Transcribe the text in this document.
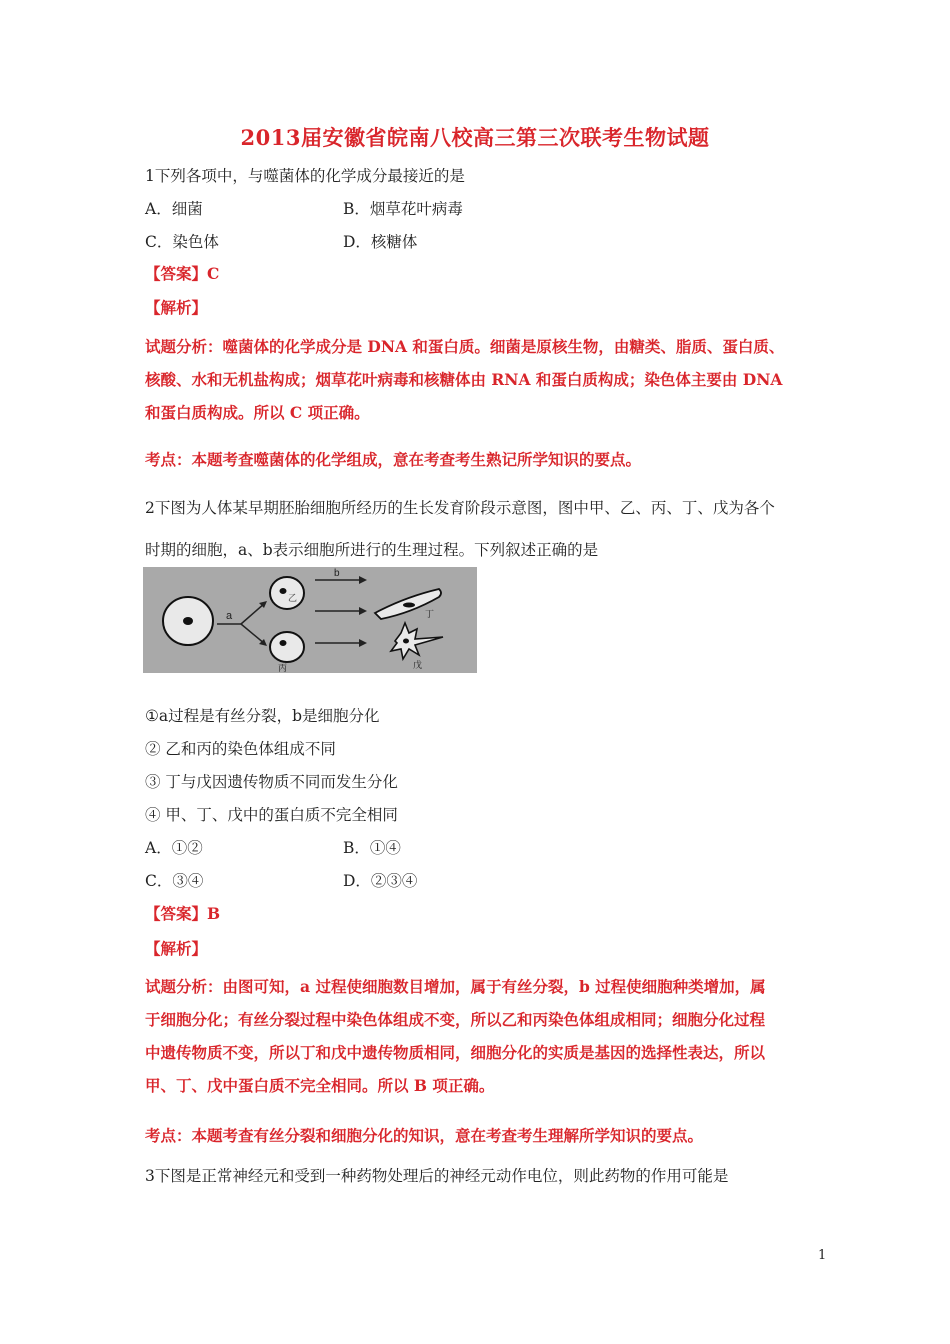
2013届安徽省皖南八校高三第三次联考生物试题
1下列各项中，与噬菌体的化学成分最接近的是
A．细菌	B．烟草花叶病毒
C．染色体	D．核糖体
【答案】C
【解析】
试题分析：噬菌体的化学成分是 DNA 和蛋白质。细菌是原核生物，由糖类、脂质、蛋白质、
核酸、水和无机盐构成；烟草花叶病毒和核糖体由 RNA 和蛋白质构成；染色体主要由 DNA
和蛋白质构成。所以 C 项正确。
考点：本题考查噬菌体的化学组成，意在考查考生熟记所学知识的要点。
2下图为人体某早期胚胎细胞所经历的生长发育阶段示意图，图中甲、乙、丙、丁、戊为各个
时期的细胞，a、b表示细胞所进行的生理过程。下列叙述正确的是
a
乙
丙
b
丁
戊
①a过程是有丝分裂，b是细胞分化
② 乙和丙的染色体组成不同
③ 丁与戊因遗传物质不同而发生分化
④ 甲、丁、戊中的蛋白质不完全相同
A．①②	B．①④
C．③④	D．②③④
【答案】B
【解析】
试题分析：由图可知，a 过程使细胞数目增加，属于有丝分裂，b 过程使细胞种类增加，属
于细胞分化；有丝分裂过程中染色体组成不变，所以乙和丙染色体组成相同；细胞分化过程
中遗传物质不变，所以丁和戊中遗传物质相同，细胞分化的实质是基因的选择性表达，所以
甲、丁、戊中蛋白质不完全相同。所以 B 项正确。
考点：本题考查有丝分裂和细胞分化的知识，意在考查考生理解所学知识的要点。
3下图是正常神经元和受到一种药物处理后的神经元动作电位，则此药物的作用可能是
1
